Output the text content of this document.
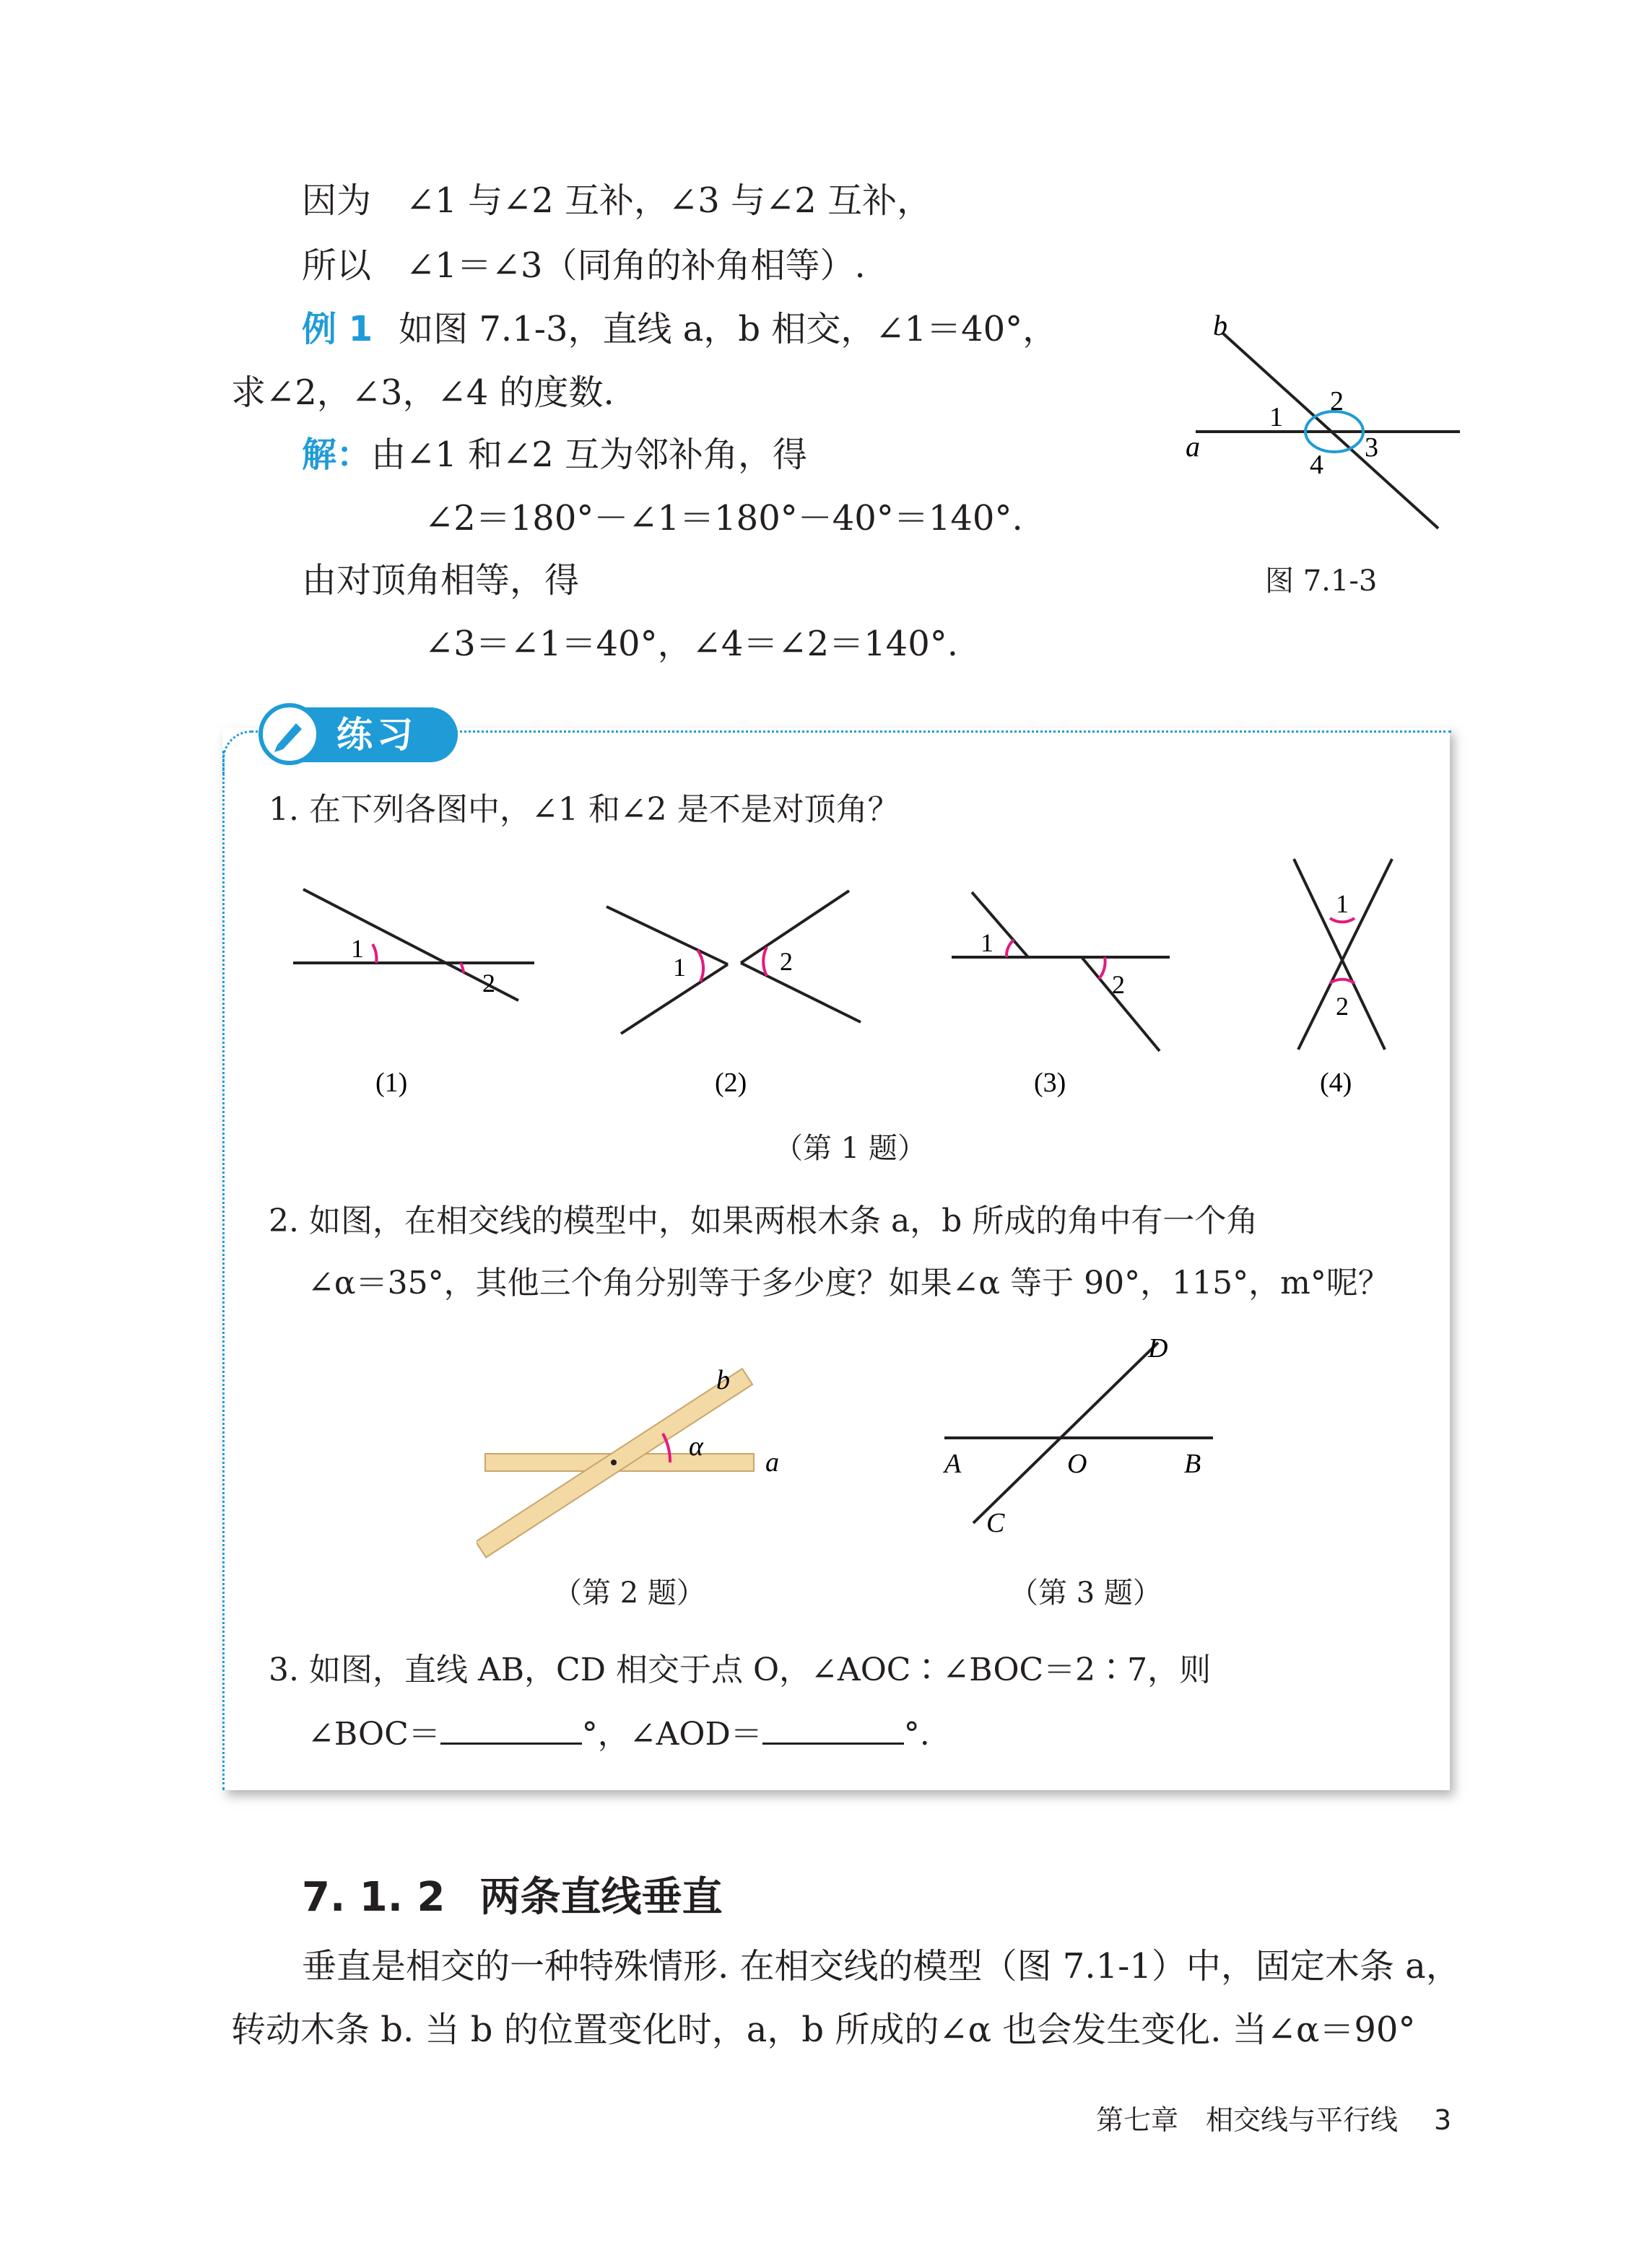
因为　∠1 与∠2 互补，∠3 与∠2 互补，
所以　∠1＝∠3（同角的补角相等）.
例 1 如图 7.1-3，直线 a，b 相交，∠1＝40°，
求∠2，∠3，∠4 的度数.
解：由∠1 和∠2 互为邻补角，得
∠2＝180°－∠1＝180°－40°＝140°.
由对顶角相等，得
∠3＝∠1＝40°，∠4＝∠2＝140°.
b
a
1
2
3
4
图 7.1-3
练习
1. 在下列各图中，∠1 和∠2 是不是对顶角？
1
2
1	2
1
2
1
2
(1)	(2)	(3)	(4)
（第 1 题）
2. 如图，在相交线的模型中，如果两根木条 a，b 所成的角中有一个角
∠α＝35°，其他三个角分别等于多少度？如果∠α 等于 90°，115°，m°呢？
α
a
b
（第 2 题）
D
A	O	B
C
（第 3 题）
3. 如图，直线 AB，CD 相交于点 O，∠AOC∶∠BOC＝2∶7，则
∠BOC＝	°，∠AOD＝	°.
7. 1. 2 两条直线垂直
垂直是相交的一种特殊情形. 在相交线的模型（图 7.1-1）中，固定木条 a，
转动木条 b. 当 b 的位置变化时，a，b 所成的∠α 也会发生变化. 当∠α＝90°
第七章　相交线与平行线 3
